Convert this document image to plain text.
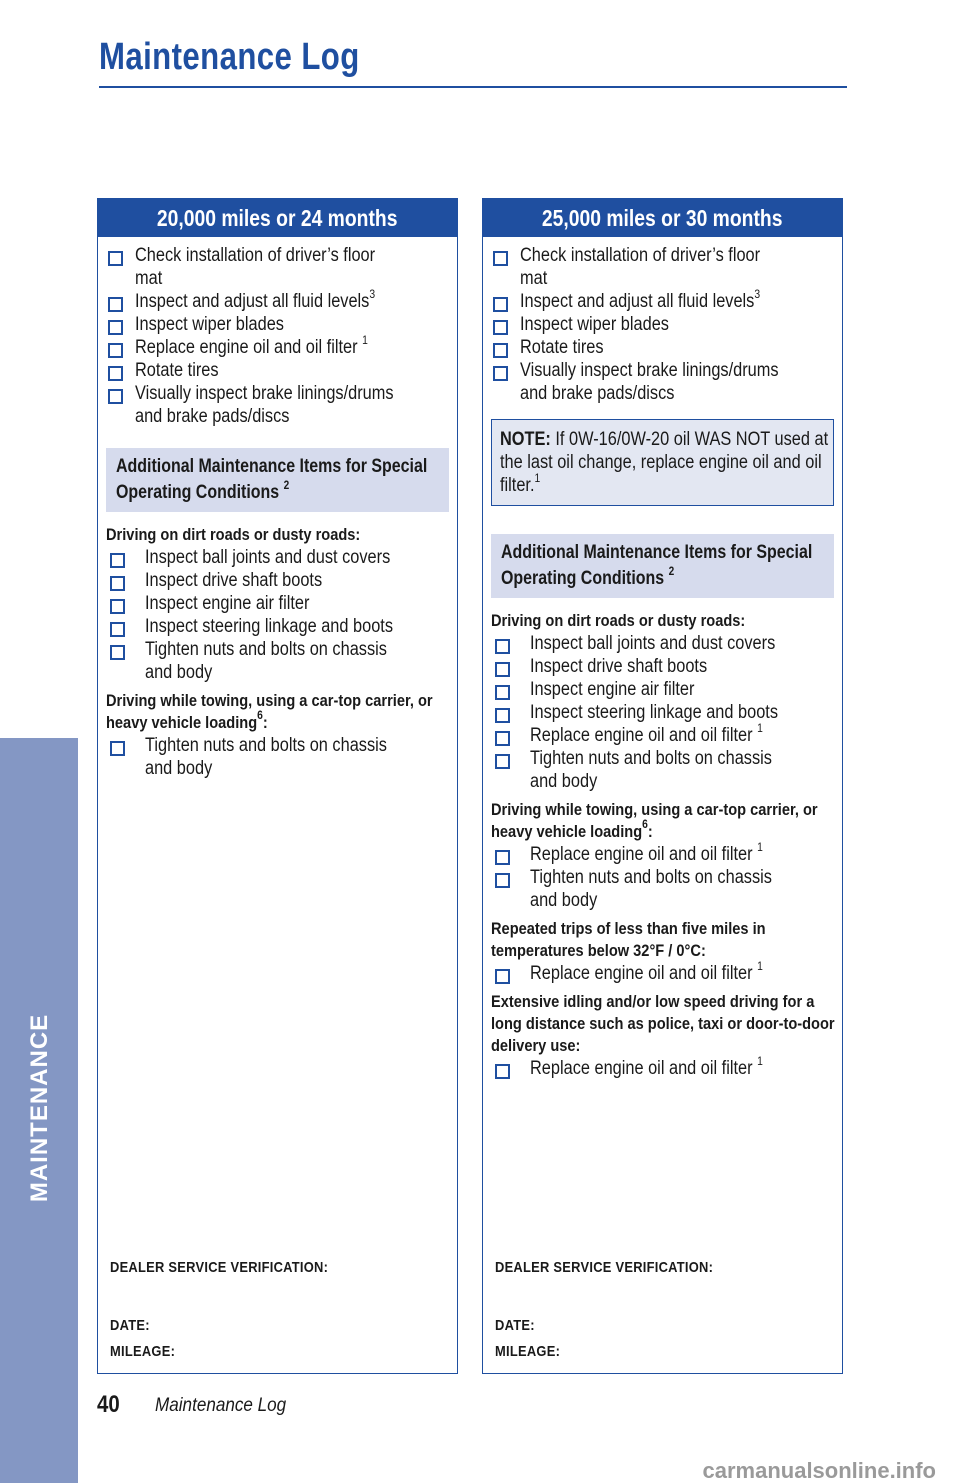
Maintenance Log
MAINTENANCE
20,000 miles or 24 months
Check installation of driver’s floor mat
Inspect and adjust all fluid levels$^3$
Inspect wiper blades
Replace engine oil and oil filter $^1$
Rotate tires
Visually inspect brake linings/drums and brake pads/discs
Additional Maintenance Items for Special Operating Conditions $^2$
Driving on dirt roads or dusty roads:
Inspect ball joints and dust covers
Inspect drive shaft boots
Inspect engine air filter
Inspect steering linkage and boots
Tighten nuts and bolts on chassis and body
Driving while towing, using a car-top carrier, or heavy vehicle loading$^6$:
Tighten nuts and bolts on chassis and body
DEALER SERVICE VERIFICATION:
DATE:
MILEAGE:
25,000 miles or 30 months
Check installation of driver’s floor mat
Inspect and adjust all fluid levels$^3$
Inspect wiper blades
Rotate tires
Visually inspect brake linings/drums and brake pads/discs
NOTE: If 0W-16/0W-20 oil WAS NOT used at the last oil change, replace engine oil and oil filter.$^1$
Additional Maintenance Items for Special Operating Conditions $^2$
Driving on dirt roads or dusty roads:
Inspect ball joints and dust covers
Inspect drive shaft boots
Inspect engine air filter
Inspect steering linkage and boots
Replace engine oil and oil filter $^1$
Tighten nuts and bolts on chassis and body
Driving while towing, using a car-top carrier, or heavy vehicle loading$^6$:
Replace engine oil and oil filter $^1$
Tighten nuts and bolts on chassis and body
Repeated trips of less than five miles in temperatures below 32°F / 0°C:
Replace engine oil and oil filter $^1$
Extensive idling and/or low speed driving for a long distance such as police, taxi or door-to-door delivery use:
Replace engine oil and oil filter $^1$
DEALER SERVICE VERIFICATION:
DATE:
MILEAGE:
40 Maintenance Log
carmanualsonline.info
